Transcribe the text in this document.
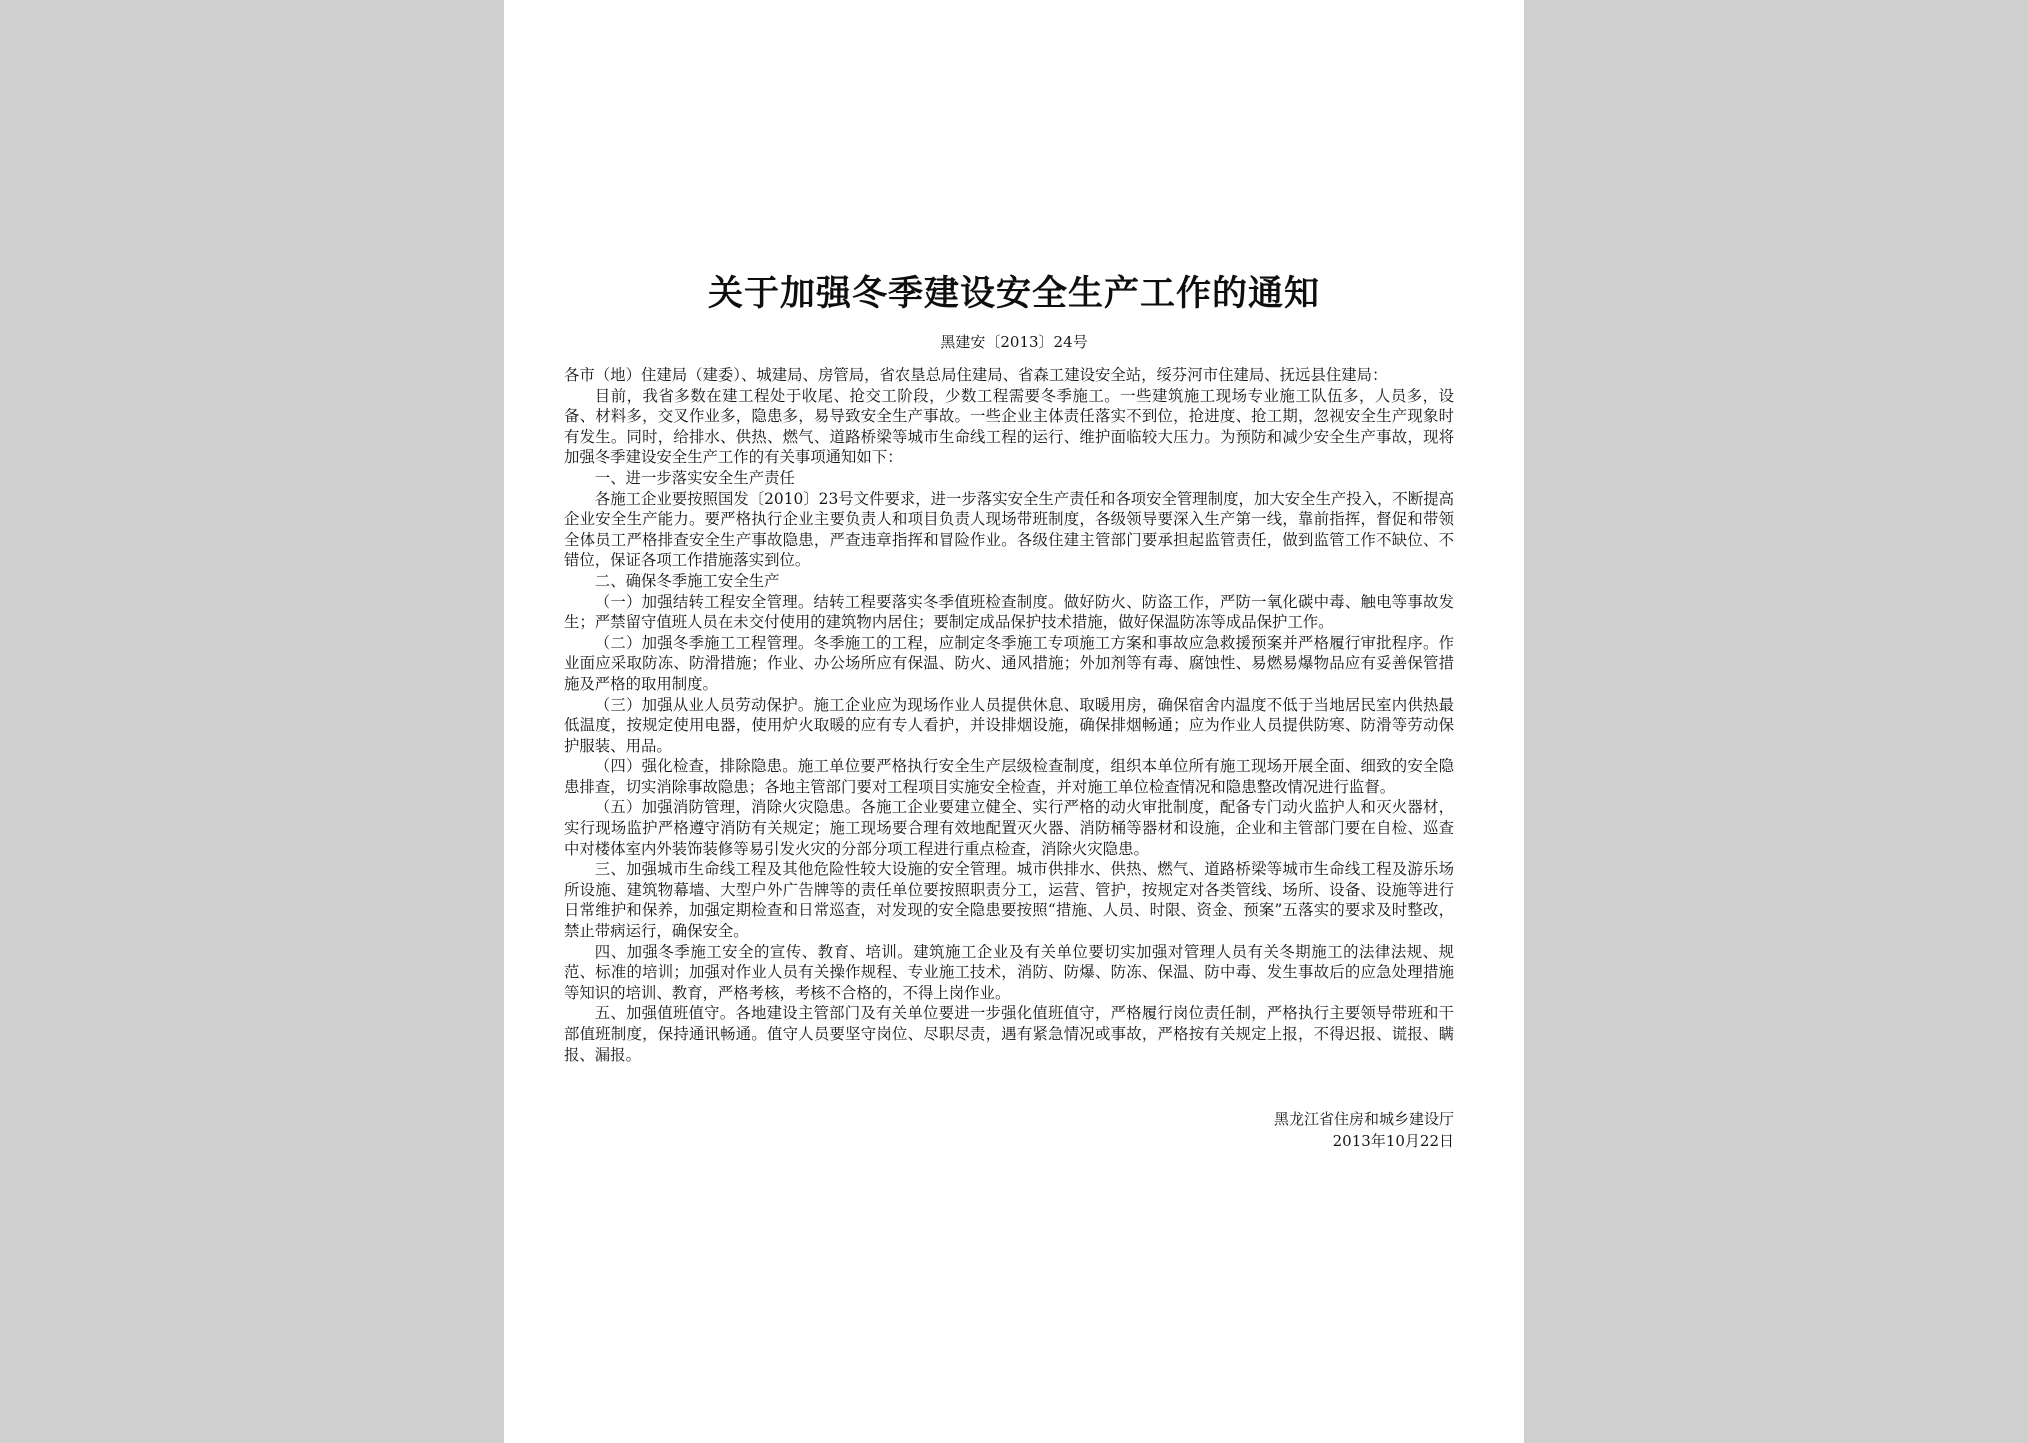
关于加强冬季建设安全生产工作的通知
黑建安〔2013〕24号

各市（地）住建局（建委）、城建局、房管局，省农垦总局住建局、省森工建设安全站，绥芬河市住建局、抚远县住建局：

目前，我省多数在建工程处于收尾、抢交工阶段，少数工程需要冬季施工。一些建筑施工现场专业施工队伍多，人员多，设备、材料多，交叉作业多，隐患多，易导致安全生产事故。一些企业主体责任落实不到位，抢进度、抢工期，忽视安全生产现象时有发生。同时，给排水、供热、燃气、道路桥梁等城市生命线工程的运行、维护面临较大压力。为预防和减少安全生产事故，现将加强冬季建设安全生产工作的有关事项通知如下：

一、进一步落实安全生产责任

各施工企业要按照国发〔2010〕23号文件要求，进一步落实安全生产责任和各项安全管理制度，加大安全生产投入，不断提高企业安全生产能力。要严格执行企业主要负责人和项目负责人现场带班制度，各级领导要深入生产第一线，靠前指挥，督促和带领全体员工严格排查安全生产事故隐患，严查违章指挥和冒险作业。各级住建主管部门要承担起监管责任，做到监管工作不缺位、不错位，保证各项工作措施落实到位。

二、确保冬季施工安全生产

（一）加强结转工程安全管理。结转工程要落实冬季值班检查制度。做好防火、防盗工作，严防一氧化碳中毒、触电等事故发生；严禁留守值班人员在未交付使用的建筑物内居住；要制定成品保护技术措施，做好保温防冻等成品保护工作。

（二）加强冬季施工工程管理。冬季施工的工程，应制定冬季施工专项施工方案和事故应急救援预案并严格履行审批程序。作业面应采取防冻、防滑措施；作业、办公场所应有保温、防火、通风措施；外加剂等有毒、腐蚀性、易燃易爆物品应有妥善保管措施及严格的取用制度。

（三）加强从业人员劳动保护。施工企业应为现场作业人员提供休息、取暖用房，确保宿舍内温度不低于当地居民室内供热最低温度，按规定使用电器，使用炉火取暖的应有专人看护，并设排烟设施，确保排烟畅通；应为作业人员提供防寒、防滑等劳动保护服装、用品。

（四）强化检查，排除隐患。施工单位要严格执行安全生产层级检查制度，组织本单位所有施工现场开展全面、细致的安全隐患排查，切实消除事故隐患；各地主管部门要对工程项目实施安全检查，并对施工单位检查情况和隐患整改情况进行监督。

（五）加强消防管理，消除火灾隐患。各施工企业要建立健全、实行严格的动火审批制度，配备专门动火监护人和灭火器材，实行现场监护严格遵守消防有关规定；施工现场要合理有效地配置灭火器、消防桶等器材和设施，企业和主管部门要在自检、巡查中对楼体室内外装饰装修等易引发火灾的分部分项工程进行重点检查，消除火灾隐患。

三、加强城市生命线工程及其他危险性较大设施的安全管理。城市供排水、供热、燃气、道路桥梁等城市生命线工程及游乐场所设施、建筑物幕墙、大型户外广告牌等的责任单位要按照职责分工，运营、管护，按规定对各类管线、场所、设备、设施等进行日常维护和保养，加强定期检查和日常巡查，对发现的安全隐患要按照“措施、人员、时限、资金、预案”五落实的要求及时整改，禁止带病运行，确保安全。

四、加强冬季施工安全的宣传、教育、培训。建筑施工企业及有关单位要切实加强对管理人员有关冬期施工的法律法规、规范、标准的培训；加强对作业人员有关操作规程、专业施工技术，消防、防爆、防冻、保温、防中毒、发生事故后的应急处理措施等知识的培训、教育，严格考核，考核不合格的，不得上岗作业。

五、加强值班值守。各地建设主管部门及有关单位要进一步强化值班值守，严格履行岗位责任制，严格执行主要领导带班和干部值班制度，保持通讯畅通。值守人员要坚守岗位、尽职尽责，遇有紧急情况或事故，严格按有关规定上报，不得迟报、谎报、瞒报、漏报。

黑龙江省住房和城乡建设厅
2013年10月22日
